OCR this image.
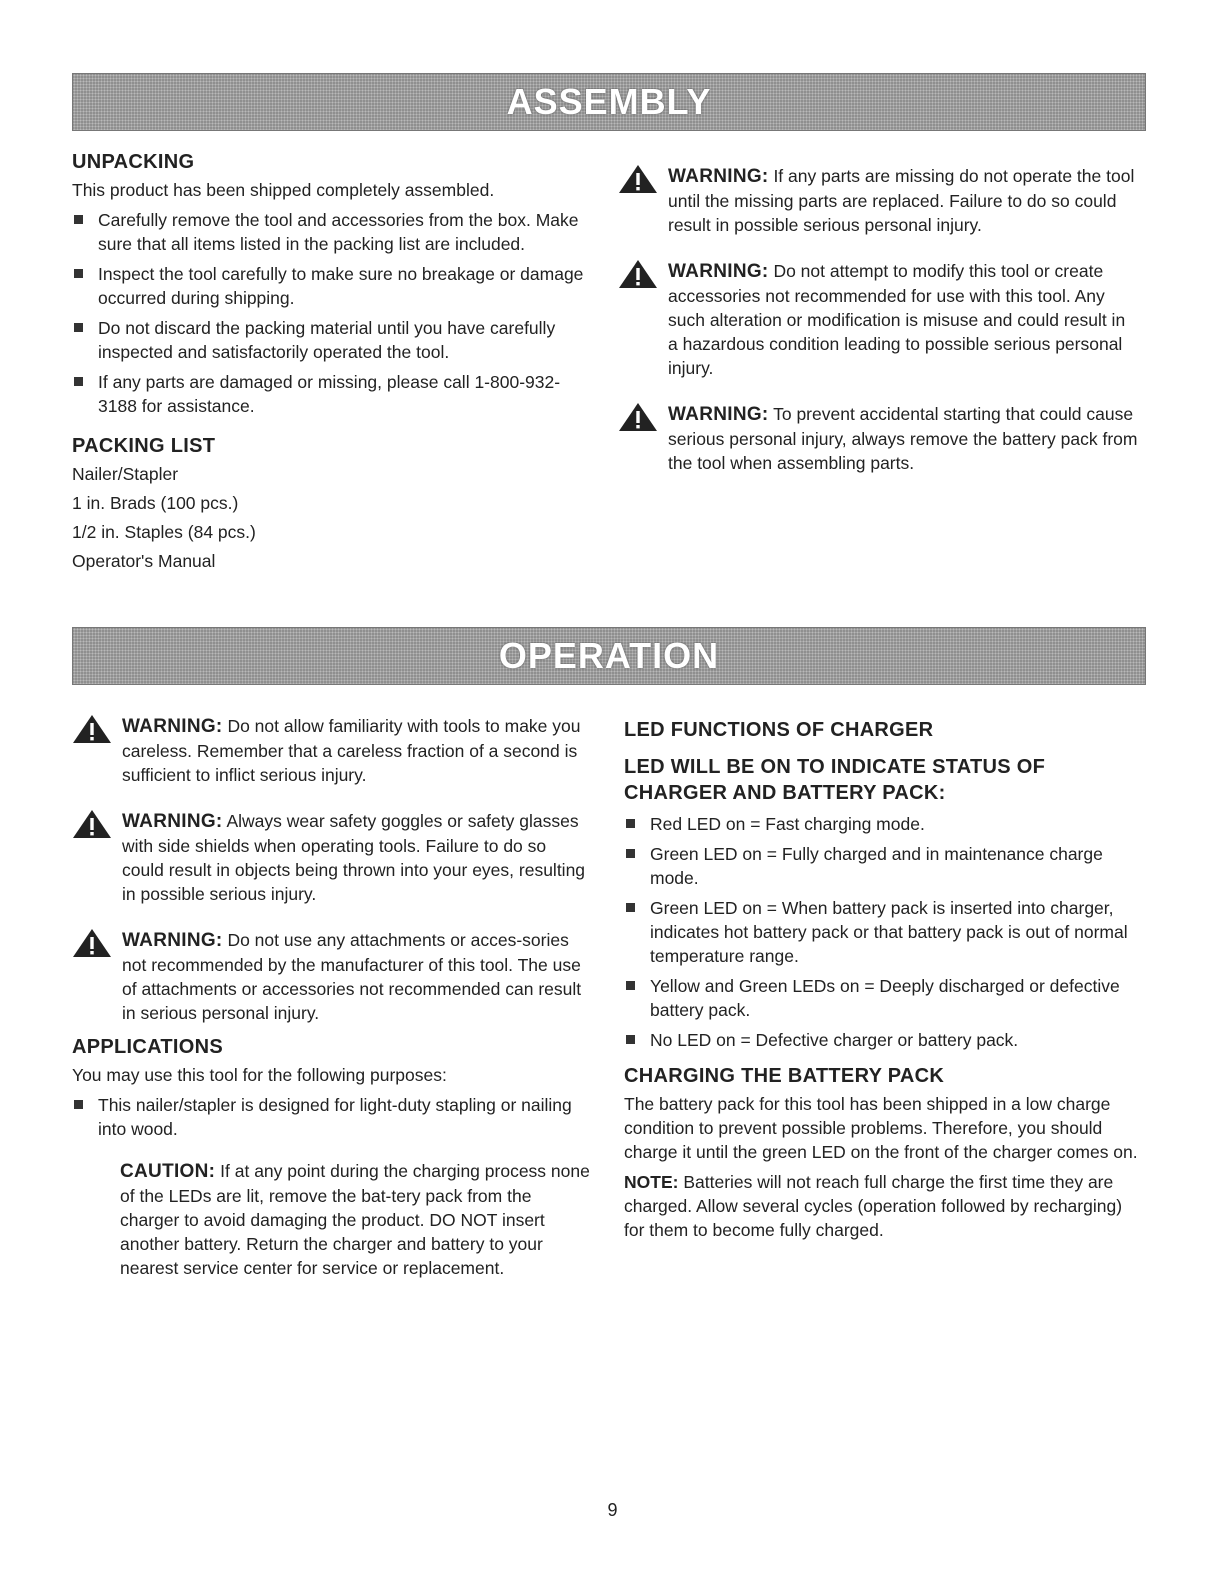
ASSEMBLY
UNPACKING

This product has been shipped completely assembled.

Carefully remove the tool and accessories from the box. Make sure that all items listed in the packing list are included.
Inspect the tool carefully to make sure no breakage or damage occurred during shipping.
Do not discard the packing material until you have carefully inspected and satisfactorily operated the tool.
If any parts are damaged or missing, please call 1-800-932-3188 for assistance.
PACKING LIST

Nailer/Stapler

1 in. Brads (100 pcs.)

1/2 in. Staples (84 pcs.)

Operator's Manual

WARNING: If any parts are missing do not operate the tool until the missing parts are replaced. Failure to do so could result in possible serious personal injury.
WARNING: Do not attempt to modify this tool or create accessories not recommended for use with this tool. Any such alteration or modification is misuse and could result in a hazardous condition leading to possible serious personal injury.
WARNING: To prevent accidental starting that could cause serious personal injury, always remove the battery pack from the tool when assembling parts.
OPERATION
WARNING: Do not allow familiarity with tools to make you careless. Remember that a careless fraction of a second is sufficient to inflict serious injury.
WARNING: Always wear safety goggles or safety glasses with side shields when operating tools. Failure to do so could result in objects being thrown into your eyes, resulting in possible serious injury.
WARNING: Do not use any attachments or acces-sories not recommended by the manufacturer of this tool. The use of attachments or accessories not recommended can result in serious personal injury.
APPLICATIONS

You may use this tool for the following purposes:

This nailer/stapler is designed for light-duty stapling or nailing into wood.
CAUTION: If at any point during the charging process none of the LEDs are lit, remove the bat-tery pack from the charger to avoid damaging the product. DO NOT insert another battery. Return the charger and battery to your nearest service center for service or replacement.
LED FUNCTIONS OF CHARGER
LED WILL BE ON TO INDICATE STATUS OF CHARGER AND BATTERY PACK:
Red LED on = Fast charging mode.
Green LED on = Fully charged and in maintenance charge mode.
Green LED on = When battery pack is inserted into charger, indicates hot battery pack or that battery pack is out of normal temperature range.
Yellow and Green LEDs on = Deeply discharged or defective battery pack.
No LED on = Defective charger or battery pack.
CHARGING THE BATTERY PACK

The battery pack for this tool has been shipped in a low charge condition to prevent possible problems. Therefore, you should charge it until the green LED on the front of the charger comes on.

NOTE: Batteries will not reach full charge the first time they are charged. Allow several cycles (operation followed by recharging) for them to become fully charged.

9
